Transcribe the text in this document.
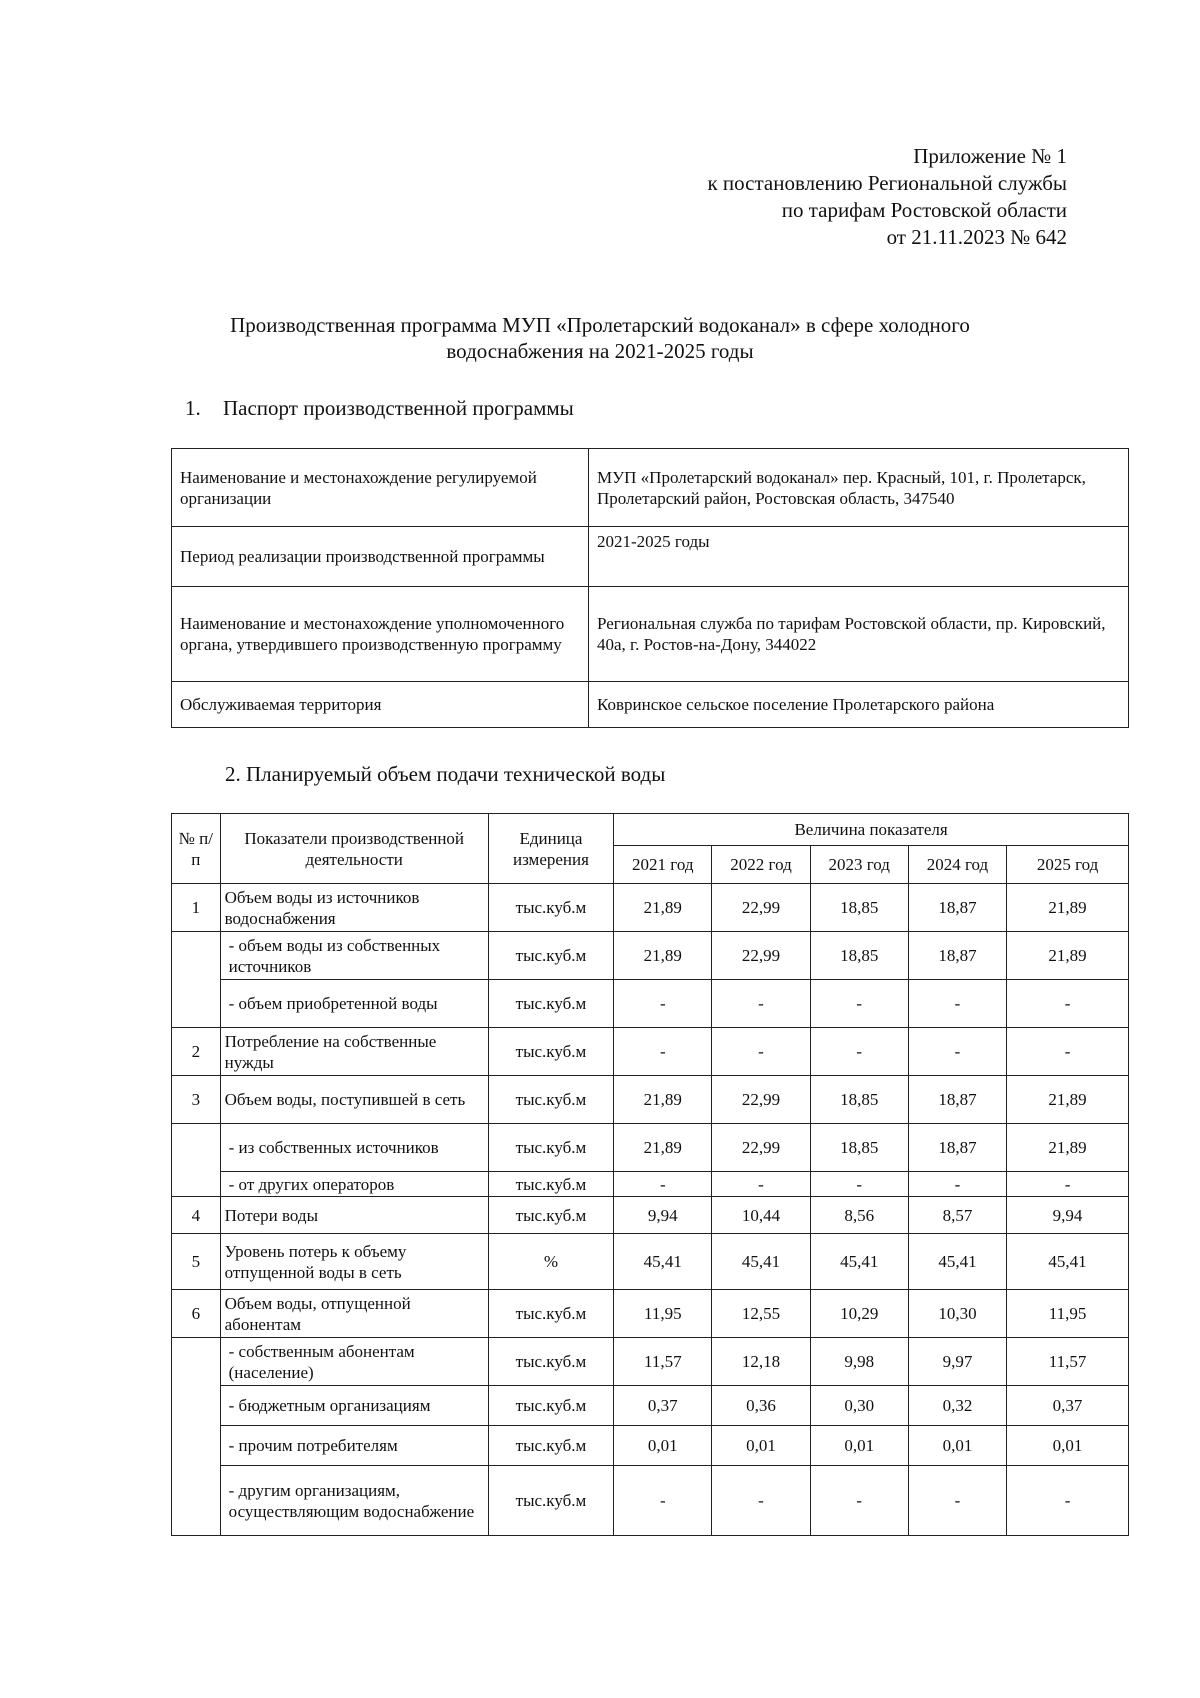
Приложение № 1
к постановлению Региональной службы
по тарифам Ростовской области
от 21.11.2023 № 642
Производственная программа МУП «Пролетарский водоканал» в сфере холодного
водоснабжения на 2021-2025 годы
1. Паспорт производственной программы
Наименование и местонахождение регулируемой организации	МУП «Пролетарский водоканал» пер. Красный, 101, г. Пролетарск, Пролетарский район, Ростовская область, 347540
Период реализации производственной программы	2021-2025 годы
Наименование и местонахождение уполномоченного органа, утвердившего производственную программу	Региональная служба по тарифам Ростовской области, пр. Кировский, 40а, г. Ростов-на-Дону, 344022
Обслуживаемая территория	Ковринское сельское поселение Пролетарского района
2. Планируемый объем подачи технической воды
№ п/ п	Показатели производственной деятельности	Единица измерения	Величина показателя				
			2021 год	2022 год	2023 год	2024 год	2025 год
1	Объем воды из источников водоснабжения	тыс.куб.м	21,89	22,99	18,85	18,87	21,89
	- объем воды из собственных источников	тыс.куб.м	21,89	22,99	18,85	18,87	21,89
	- объем приобретенной воды	тыс.куб.м	-	-	-	-	-
2	Потребление на собственные нужды	тыс.куб.м	-	-	-	-	-
3	Объем воды, поступившей в сеть	тыс.куб.м	21,89	22,99	18,85	18,87	21,89
	- из собственных источников	тыс.куб.м	21,89	22,99	18,85	18,87	21,89
	- от других операторов	тыс.куб.м	-	-	-	-	-
4	Потери воды	тыс.куб.м	9,94	10,44	8,56	8,57	9,94
5	Уровень потерь к объему отпущенной воды в сеть	%	45,41	45,41	45,41	45,41	45,41
6	Объем воды, отпущенной абонентам	тыс.куб.м	11,95	12,55	10,29	10,30	11,95
	- собственным абонентам (население)	тыс.куб.м	11,57	12,18	9,98	9,97	11,57
	- бюджетным организациям	тыс.куб.м	0,37	0,36	0,30	0,32	0,37
	- прочим потребителям	тыс.куб.м	0,01	0,01	0,01	0,01	0,01
	- другим организациям, осуществляющим водоснабжение	тыс.куб.м	-	-	-	-	-
